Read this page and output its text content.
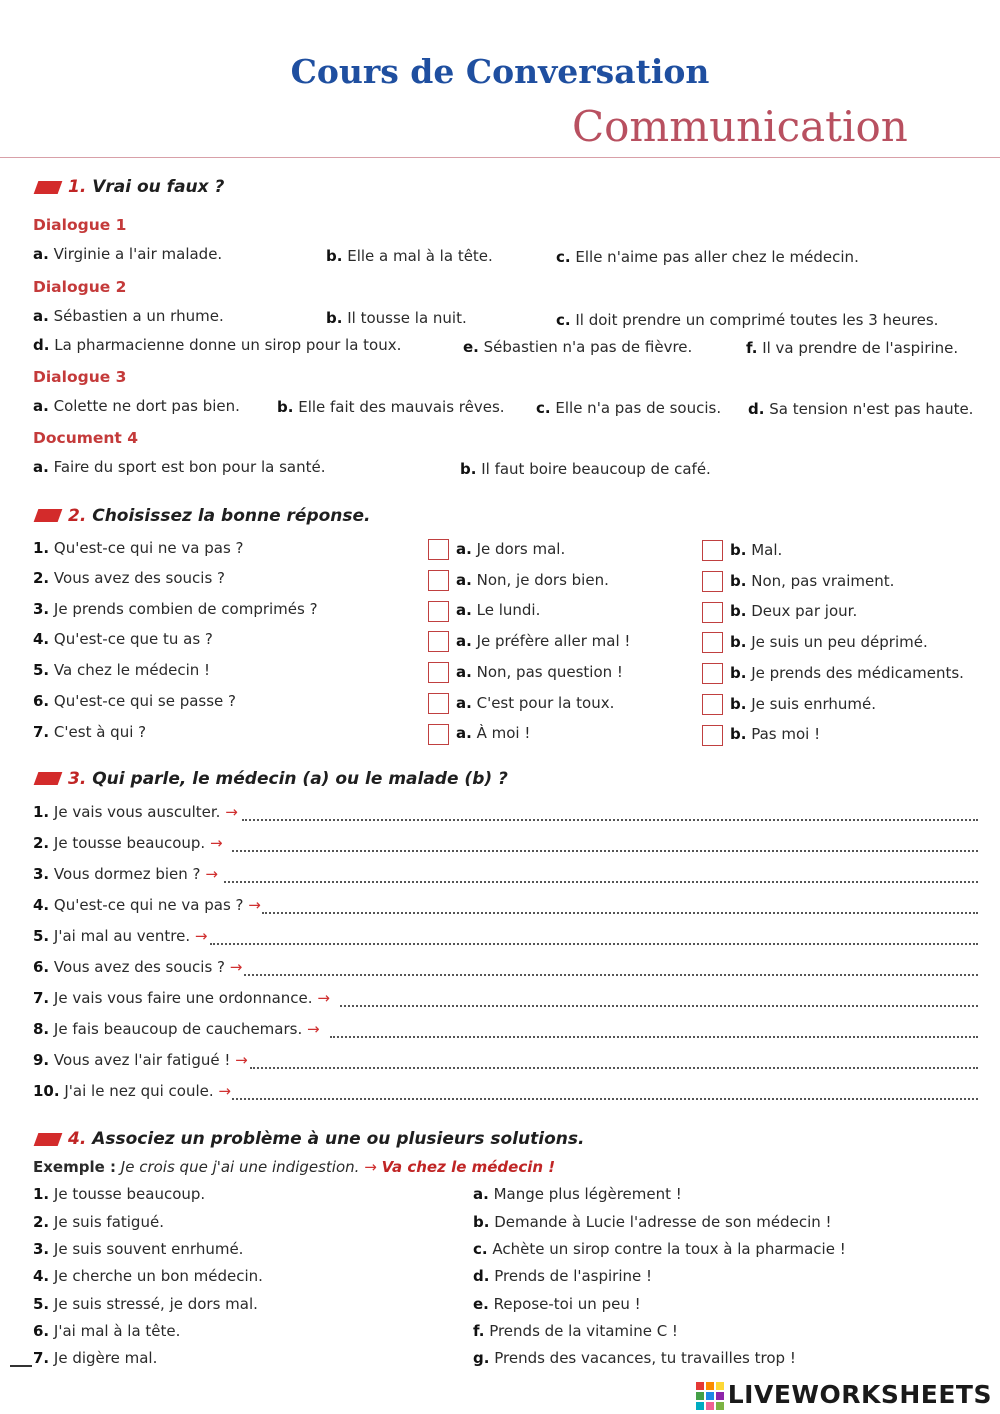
Cours de Conversation
Communication
1. Vrai ou faux ?
Dialogue 1
a. Virginie a l'air malade.	b. Elle a mal à la tête.	c. Elle n'aime pas aller chez le médecin.
Dialogue 2
a. Sébastien a un rhume.	b. Il tousse la nuit.	c. Il doit prendre un comprimé toutes les 3 heures.
d. La pharmacienne donne un sirop pour la toux.	e. Sébastien n'a pas de fièvre.	f. Il va prendre de l'aspirine.
Dialogue 3
a. Colette ne dort pas bien. b. Elle fait des mauvais rêves. c. Elle n'a pas de soucis. d. Sa tension n'est pas haute.
Document 4
a. Faire du sport est bon pour la santé.	b. Il faut boire beaucoup de café.
2. Choisissez la bonne réponse.
1. Qu'est-ce qui ne va pas ?	a. Je dors mal.	b. Mal.
2. Vous avez des soucis ?	a. Non, je dors bien.	b. Non, pas vraiment.
3. Je prends combien de comprimés ?	a. Le lundi.	b. Deux par jour.
4. Qu'est-ce que tu as ?	a. Je préfère aller mal !	b. Je suis un peu déprimé.
5. Va chez le médecin !	a. Non, pas question !	b. Je prends des médicaments.
6. Qu'est-ce qui se passe ?	a. C'est pour la toux.	b. Je suis enrhumé.
7. C'est à qui ?	a. À moi !	b. Pas moi !
3. Qui parle, le médecin (a) ou le malade (b) ?
1. Je vais vous ausculter. →
2. Je tousse beaucoup. →
3. Vous dormez bien ? →
4. Qu'est-ce qui ne va pas ? →
5. J'ai mal au ventre. →
6. Vous avez des soucis ? →
7. Je vais vous faire une ordonnance. →
8. Je fais beaucoup de cauchemars. →
9. Vous avez l'air fatigué ! →
10. J'ai le nez qui coule. →
4. Associez un problème à une ou plusieurs solutions.
Exemple : Je crois que j'ai une indigestion. → Va chez le médecin !
1. Je tousse beaucoup.
2. Je suis fatigué.
3. Je suis souvent enrhumé.
4. Je cherche un bon médecin.
5. Je suis stressé, je dors mal.
6. J'ai mal à la tête.
7. Je digère mal.
a. Mange plus légèrement !
b. Demande à Lucie l'adresse de son médecin !
c. Achète un sirop contre la toux à la pharmacie !
d. Prends de l'aspirine !
e. Repose-toi un peu !
f. Prends de la vitamine C !
g. Prends des vacances, tu travailles trop !
LIVEWORKSHEETS
